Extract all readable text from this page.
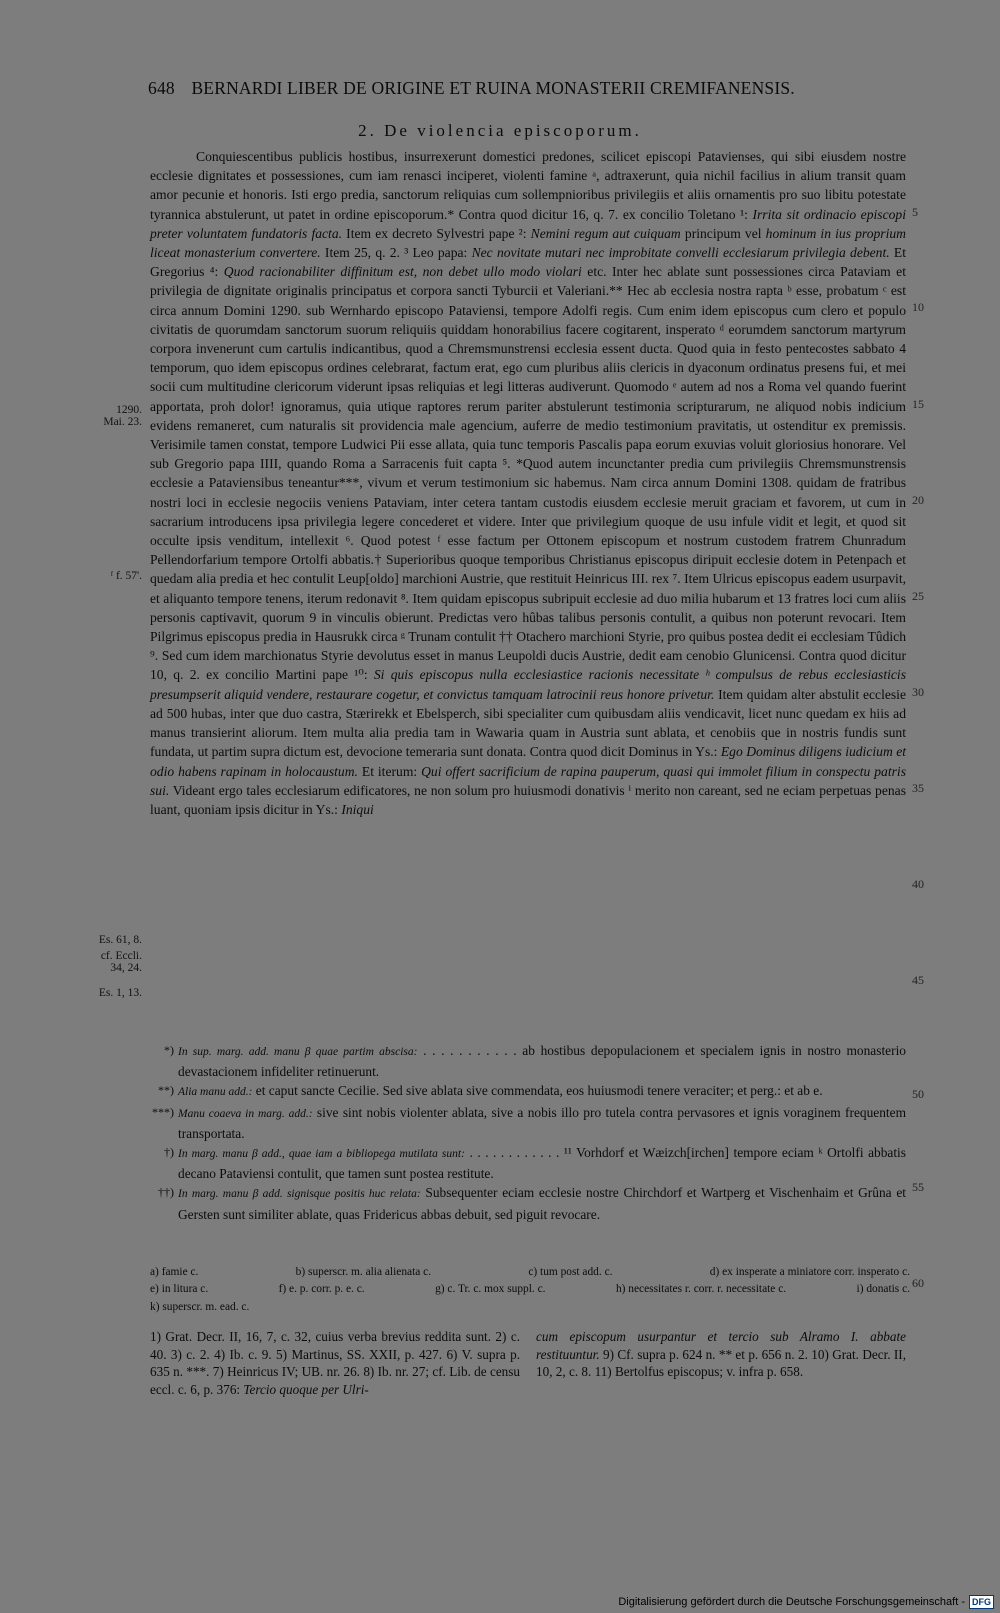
648 BERNARDI LIBER DE ORIGINE ET RUINA MONASTERII CREMIFANENSIS.
2. De violencia episcoporum.

Conquiescentibus publicis hostibus, insurrexerunt domestici predones, scilicet episcopi Patavienses, qui sibi eiusdem nostre ecclesie dignitates et possessiones, cum iam renasci inciperet, violenti famine ᵃ, adtraxerunt, quia nichil facilius in alium transit quam amor pecunie et honoris. Isti ergo predia, sanctorum reliquias cum sollempnioribus privilegiis et aliis ornamentis pro suo libitu potestate tyrannica abstulerunt, ut patet in ordine episcoporum.* Contra quod dicitur 16, q. 7. ex concilio Toletano ¹: Irrita sit ordinacio episcopi preter voluntatem fundatoris facta. Item ex decreto Sylvestri pape ²: Nemini regum aut cuiquam principum vel hominum in ius proprium liceat monasterium convertere. Item 25, q. 2. ³ Leo papa: Nec novitate mutari nec improbitate convelli ecclesiarum privilegia debent. Et Gregorius ⁴: Quod racionabiliter diffinitum est, non debet ullo modo violari etc. Inter hec ablate sunt possessiones circa Pataviam et privilegia de dignitate originalis principatus et corpora sancti Tyburcii et Valeriani.** Hec ab ecclesia nostra rapta ᵇ esse, probatum ᶜ est circa annum Domini 1290. sub Wernhardo episcopo Pataviensi, tempore Adolfi regis. Cum enim idem episcopus cum clero et populo civitatis de quorumdam sanctorum suorum reliquiis quiddam honorabilius facere cogitarent, insperato ᵈ eorumdem sanctorum martyrum corpora invenerunt cum cartulis indicantibus, quod a Chremsmunstrensi ecclesia essent ducta. Quod quia in festo pentecostes sabbato 4 temporum, quo idem episcopus ordines celebrarat, factum erat, ego cum pluribus aliis clericis in dyaconum ordinatus presens fui, et mei socii cum multitudine clericorum viderunt ipsas reliquias et legi litteras audiverunt. Quomodo ᵉ autem ad nos a Roma vel quando fuerint apportata, proh dolor! ignoramus, quia utique raptores rerum pariter abstulerunt testimonia scripturarum, ne aliquod nobis indicium evidens remaneret, cum naturalis sit providencia male agencium, auferre de medio testimonium pravitatis, ut ostenditur ex premissis. Verisimile tamen constat, tempore Ludwici Pii esse allata, quia tunc temporis Pascalis papa eorum exuvias voluit gloriosius honorare. Vel sub Gregorio papa IIII, quando Roma a Sarracenis fuit capta ⁵. *Quod autem incunctanter predia cum privilegiis Chremsmunstrensis ecclesie a Pataviensibus teneantur***, vivum et verum testimonium sic habemus. Nam circa annum Domini 1308. quidam de fratribus nostri loci in ecclesie negociis veniens Pataviam, inter cetera tantam custodis eiusdem ecclesie meruit graciam et favorem, ut cum in sacrarium introducens ipsa privilegia legere concederet et videre. Inter que privilegium quoque de usu infule vidit et legit, et quod sit occulte ipsis venditum, intellexit ⁶. Quod potest ᶠ esse factum per Ottonem episcopum et nostrum custodem fratrem Chunradum Pellendorfarium tempore Ortolfi abbatis.† Superioribus quoque temporibus Christianus episcopus diripuit ecclesie dotem in Petenpach et quedam alia predia et hec contulit Leup[oldo] marchioni Austrie, que restituit Heinricus III. rex ⁷. Item Ulricus episcopus eadem usurpavit, et aliquanto tempore tenens, iterum redonavit ⁸. Item quidam episcopus subripuit ecclesie ad duo milia hubarum et 13 fratres loci cum aliis personis captivavit, quorum 9 in vinculis obierunt. Predictas vero hûbas talibus personis contulit, a quibus non poterunt revocari. Item Pilgrimus episcopus predia in Hausrukk circa ᵍ Trunam contulit †† Otachero marchioni Styrie, pro quibus postea dedit ei ecclesiam Tûdich ⁹. Sed cum idem marchionatus Styrie devolutus esset in manus Leupoldi ducis Austrie, dedit eam cenobio Glunicensi. Contra quod dicitur 10, q. 2. ex concilio Martini pape ¹⁰: Si quis episcopus nulla ecclesiastice racionis necessitate ʰ compulsus de rebus ecclesiasticis presumpserit aliquid vendere, restaurare cogetur, et convictus tamquam latrocinii reus honore privetur. Item quidam alter abstulit ecclesie ad 500 hubas, inter que duo castra, Stærirekk et Ebelsperch, sibi specialiter cum quibusdam aliis vendicavit, licet nunc quedam ex hiis ad manus transierint aliorum. Item multa alia predia tam in Wawaria quam in Austria sunt ablata, et cenobiis que in nostris fundis sunt fundata, ut partim supra dictum est, devocione temeraria sunt donata. Contra quod dicit Dominus in Ys.: Ego Dominus diligens iudicium et odio habens rapinam in holocaustum. Et iterum: Qui offert sacrificium de rapina pauperum, quasi qui immolet filium in conspectu patris sui. Videant ergo tales ecclesiarum edificatores, ne non solum pro huiusmodi donativis ⁱ merito non careant, sed ne eciam perpetuas penas luant, quoniam ipsis dicitur in Ys.: Iniqui

5
10
15
20
25
30
35
40
45
50
55
60
1290.
Mai. 23.
ᶠ f. 57'.
Es. 61, 8.
cf. Eccli.
34, 24.
Es. 1, 13.
*) In sup. marg. add. manu β quae partim abscisa: . . . . . . . . . . . ab hostibus depopulacionem et specialem ignis in nostro monasterio devastacionem infideliter retinuerunt.
**) Alia manu add.: et caput sancte Cecilie. Sed sive ablata sive commendata, eos huiusmodi tenere veraciter; et perg.: et ab e.
***) Manu coaeva in marg. add.: sive sint nobis violenter ablata, sive a nobis illo pro tutela contra pervasores et ignis voraginem frequentem transportata.
†) In marg. manu β add., quae iam a bibliopega mutilata sunt: . . . . . . . . . . . . ¹¹ Vorhdorf et Wæizch[irchen] tempore eciam ᵏ Ortolfi abbatis decano Pataviensi contulit, que tamen sunt postea restitute.
††) In marg. manu β add. signisque positis huc relata: Subsequenter eciam ecclesie nostre Chirchdorf et Wartperg et Vischenhaim et Grûna et Gersten sunt similiter ablate, quas Fridericus abbas debuit, sed piguit revocare.
a) famie c.	b) superscr. m. alia alienata c.	c) tum post add. c.	d) ex insperate a miniatore corr. insperato c.
e) in litura c.	f) e. p. corr. p. e. c.	g) c. Tr. c. mox suppl. c.	h) necessitates r. corr. r. necessitate c.	i) donatis c.
k) superscr. m. ead. c.
1) Grat. Decr. II, 16, 7, c. 32, cuius verba brevius reddita sunt. 2) c. 40. 3) c. 2. 4) Ib. c. 9. 5) Martinus, SS. XXII, p. 427. 6) V. supra p. 635 n. ***. 7) Heinricus IV; UB. nr. 26. 8) Ib. nr. 27; cf. Lib. de censu eccl. c. 6, p. 376: Tercio quoque per Ulri-
cum episcopum usurpantur et tercio sub Alramo I. abbate restituuntur. 9) Cf. supra p. 624 n. ** et p. 656 n. 2. 10) Grat. Decr. II, 10, 2, c. 8. 11) Bertolfus episcopus; v. infra p. 658.
Digitalisierung gefördert durch die Deutsche Forschungsgemeinschaft - DFG
